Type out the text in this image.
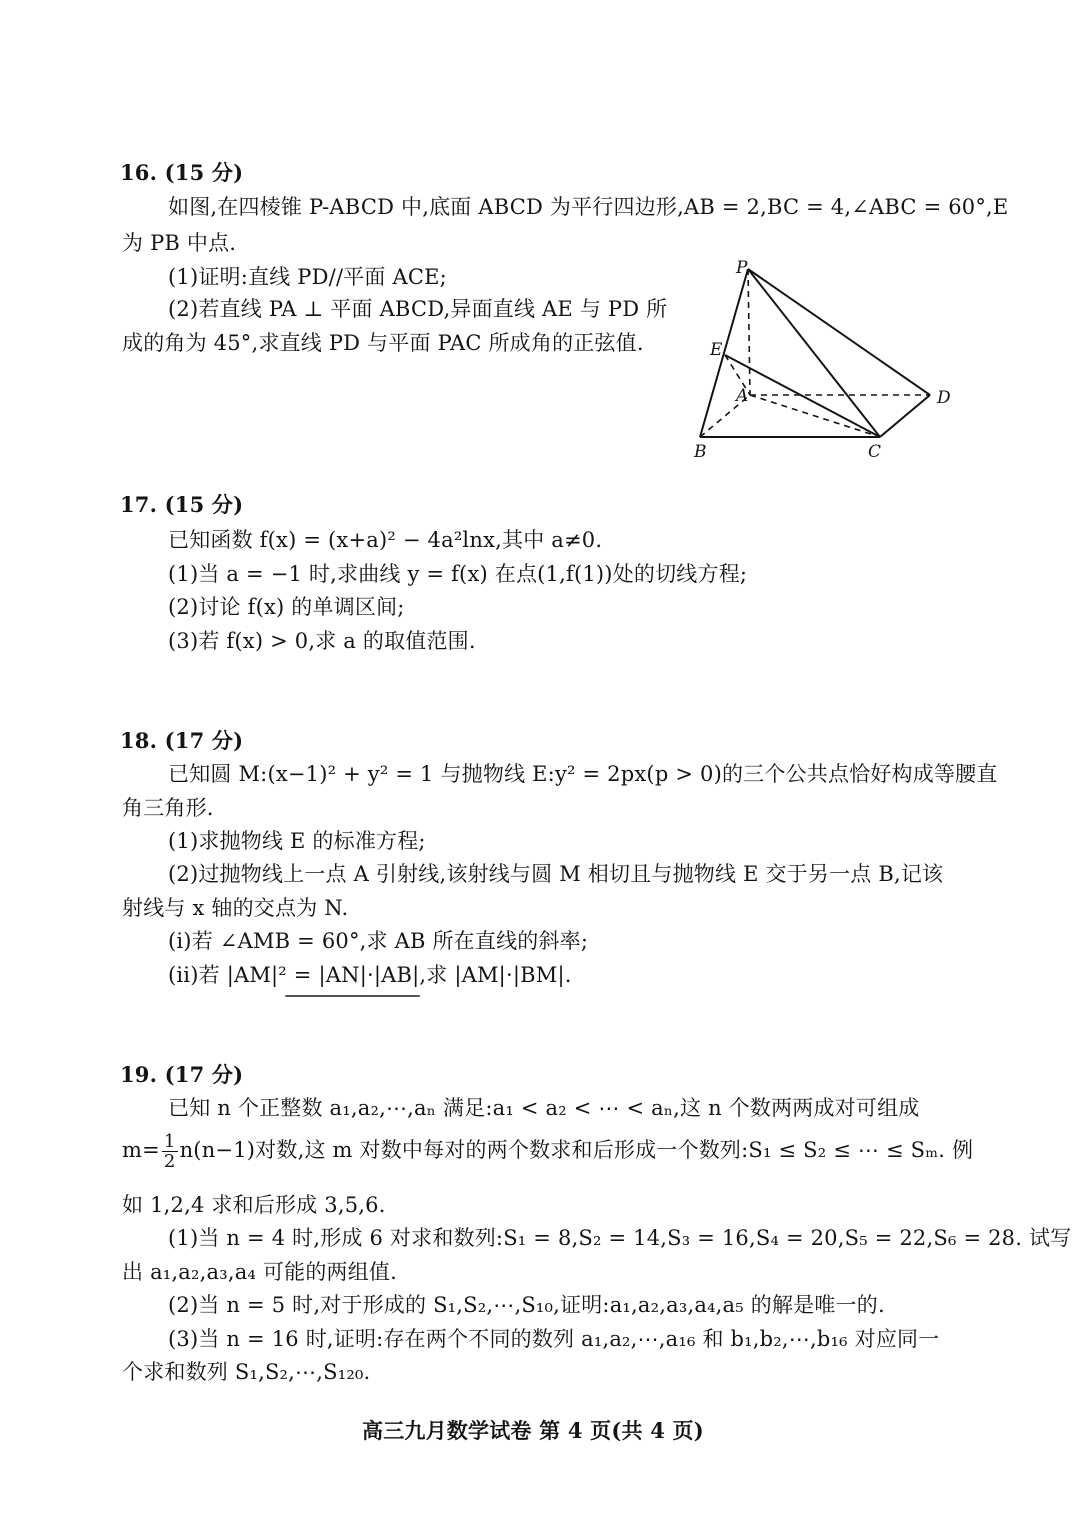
16. (15 分)
如图,在四棱锥 P-ABCD 中,底面 ABCD 为平行四边形,AB = 2,BC = 4,∠ABC = 60°,E
为 PB 中点.
(1)证明:直线 PD//平面 ACE;
(2)若直线 PA ⊥ 平面 ABCD,异面直线 AE 与 PD 所
成的角为 45°,求直线 PD 与平面 PAC 所成角的正弦值.
P
E
A
B	C
D
17. (15 分)
已知函数 f(x) = (x+a)² − 4a²lnx,其中 a≠0.
(1)当 a = −1 时,求曲线 y = f(x) 在点(1,f(1))处的切线方程;
(2)讨论 f(x) 的单调区间;
(3)若 f(x) > 0,求 a 的取值范围.
18. (17 分)
已知圆 M:(x−1)² + y² = 1 与抛物线 E:y² = 2px(p > 0)的三个公共点恰好构成等腰直
角三角形.
(1)求抛物线 E 的标准方程;
(2)过抛物线上一点 A 引射线,该射线与圆 M 相切且与抛物线 E 交于另一点 B,记该
射线与 x 轴的交点为 N.
(i)若 ∠AMB = 60°,求 AB 所在直线的斜率;
(ii)若 |AM|² = |AN|·|AB|,求 |AM|·|BM|.
19. (17 分)
已知 n 个正整数 a₁,a₂,⋯,aₙ 满足:a₁ < a₂ < ⋯ < aₙ,这 n 个数两两成对可组成
$m= \frac{1}{2} n(n-1)$对数,这 m 对数中每对的两个数求和后形成一个数列:S₁ ≤ S₂ ≤ ⋯ ≤ Sₘ. 例
如 1,2,4 求和后形成 3,5,6.
(1)当 n = 4 时,形成 6 对求和数列:S₁ = 8,S₂ = 14,S₃ = 16,S₄ = 20,S₅ = 22,S₆ = 28. 试写
出 a₁,a₂,a₃,a₄ 可能的两组值.
(2)当 n = 5 时,对于形成的 S₁,S₂,⋯,S₁₀,证明:a₁,a₂,a₃,a₄,a₅ 的解是唯一的.
(3)当 n = 16 时,证明:存在两个不同的数列 a₁,a₂,⋯,a₁₆ 和 b₁,b₂,⋯,b₁₆ 对应同一
个求和数列 S₁,S₂,⋯,S₁₂₀.
高三九月数学试卷 第 4 页(共 4 页)
